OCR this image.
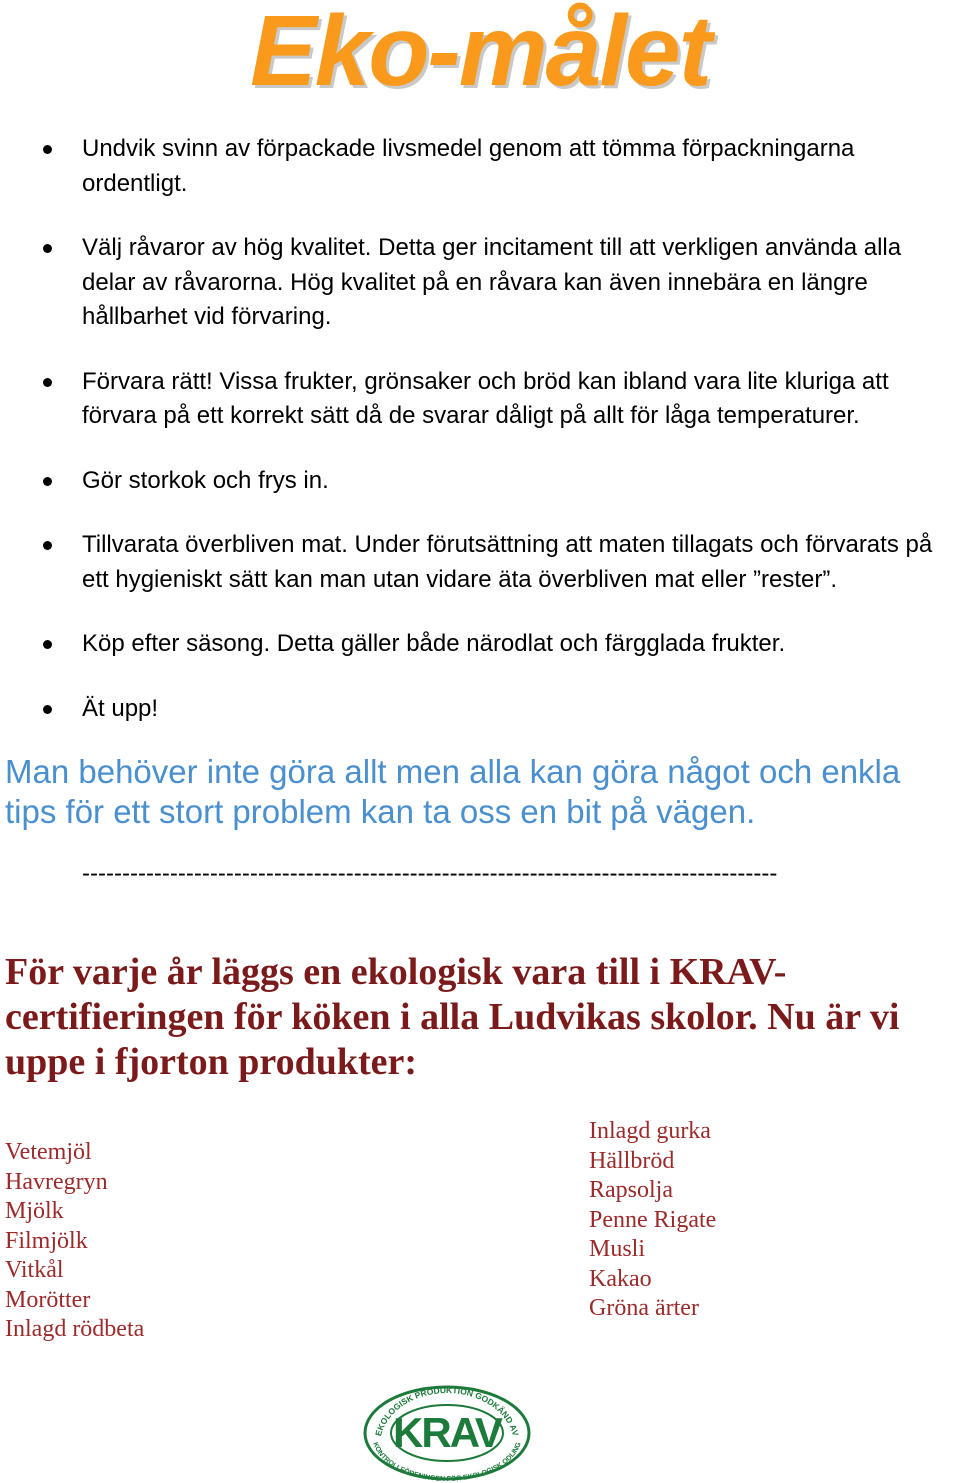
Eko-målet
Undvik svinn av förpackade livsmedel genom att tömma förpackningarna ordentligt.
Välj råvaror av hög kvalitet. Detta ger incitament till att verkligen använda alla delar av råvarorna. Hög kvalitet på en råvara kan även innebära en längre hållbarhet vid förvaring.
Förvara rätt! Vissa frukter, grönsaker och bröd kan ibland vara lite kluriga att förvara på ett korrekt sätt då de svarar dåligt på allt för låga temperaturer.
Gör storkok och frys in.
Tillvarata överbliven mat. Under förutsättning att maten tillagats och förvarats på ett hygieniskt sätt kan man utan vidare äta överbliven mat eller ”rester”.
Köp efter säsong. Detta gäller både närodlat och färgglada frukter.
Ät upp!
Man behöver inte göra allt men alla kan göra något och enkla tips för ett stort problem kan ta oss en bit på vägen.
---------------------------------------------------------------------------------------
För varje år läggs en ekologisk vara till i KRAV-certifieringen för köken i alla Ludvikas skolor. Nu är vi uppe i fjorton produkter:
Vetemjöl
Havregryn
Mjölk
Filmjölk
Vitkål
Morötter
Inlagd rödbeta
Inlagd gurka
Hällbröd
Rapsolja
Penne Rigate
Musli
Kakao
Gröna ärter
EKOLOGISK PRODUKTION GODKÄND AV
KONTROLLFÖRENINGEN FÖR EKOLOGISK ODLING
KRAV
